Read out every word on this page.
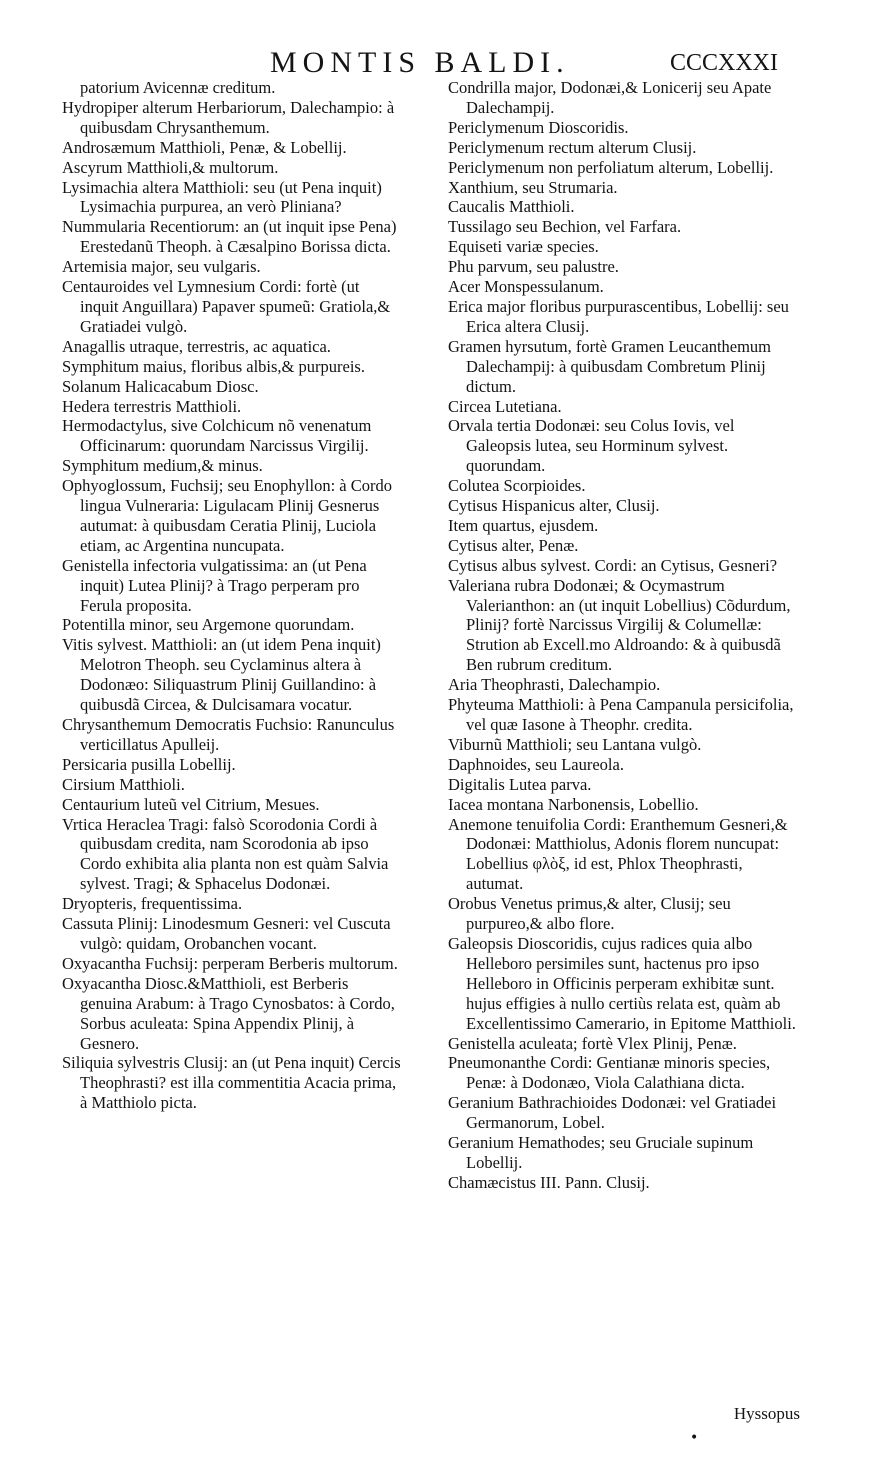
MONTIS BALDI.	CCCXXXI

patorium Avicennæ creditum.

Hydropiper alterum Herbariorum, Dalechampio: à quibusdam Chrysanthemum.

Androsæmum Matthioli, Penæ, & Lobellij.

Ascyrum Matthioli,& multorum.

Lysimachia altera Matthioli: seu (ut Pena inquit) Lysimachia purpurea, an verò Pliniana?

Nummularia Recentiorum: an (ut inquit ipse Pena) Erestedanũ Theoph. à Cæsalpino Borissa dicta.

Artemisia major, seu vulgaris.

Centauroides vel Lymnesium Cordi: fortè (ut inquit Anguillara) Papaver spumeũ: Gratiola,& Gratiadei vulgò.

Anagallis utraque, terrestris, ac aquatica.

Symphitum maius, floribus albis,& purpureis.

Solanum Halicacabum Diosc.

Hedera terrestris Matthioli.

Hermodactylus, sive Colchicum nõ venenatum Officinarum: quorundam Narcissus Virgilij.

Symphitum medium,& minus.

Ophyoglossum, Fuchsij; seu Enophyllon: à Cordo lingua Vulneraria: Ligulacam Plinij Gesnerus autumat: à quibusdam Ceratia Plinij, Luciola etiam, ac Argentina nuncupata.

Genistella infectoria vulgatissima: an (ut Pena inquit) Lutea Plinij? à Trago perperam pro Ferula proposita.

Potentilla minor, seu Argemone quorundam.

Vitis sylvest. Matthioli: an (ut idem Pena inquit) Melotron Theoph. seu Cyclaminus altera à Dodonæo: Siliquastrum Plinij Guillandino: à quibusdã Circea, & Dulcisamara vocatur.

Chrysanthemum Democratis Fuchsio: Ranunculus verticillatus Apulleij.

Persicaria pusilla Lobellij.

Cirsium Matthioli.

Centaurium luteũ vel Citrium, Mesues.

Vrtica Heraclea Tragi: falsò Scorodonia Cordi à quibusdam credita, nam Scorodonia ab ipso Cordo exhibita alia planta non est quàm Salvia sylvest. Tragi; & Sphacelus Dodonæi.

Dryopteris, frequentissima.

Cassuta Plinij: Linodesmum Gesneri: vel Cuscuta vulgò: quidam, Orobanchen vocant.

Oxyacantha Fuchsij: perperam Berberis multorum.

Oxyacantha Diosc.&Matthioli, est Berberis genuina Arabum: à Trago Cynosbatos: à Cordo, Sorbus aculeata: Spina Appendix Plinij, à Gesnero.

Siliquia sylvestris Clusij: an (ut Pena inquit) Cercis Theophrasti? est illa commentitia Acacia prima, à Matthiolo picta.

Condrilla major, Dodonæi,& Lonicerij seu Apate Dalechampij.

Periclymenum Dioscoridis.

Periclymenum rectum alterum Clusij.

Periclymenum non perfoliatum alterum, Lobellij.

Xanthium, seu Strumaria.

Caucalis Matthioli.

Tussilago seu Bechion, vel Farfara.

Equiseti variæ species.

Phu parvum, seu palustre.

Acer Monspessulanum.

Erica major floribus purpurascentibus, Lobellij: seu Erica altera Clusij.

Gramen hyrsutum, fortè Gramen Leucanthemum Dalechampij: à quibusdam Combretum Plinij dictum.

Circea Lutetiana.

Orvala tertia Dodonæi: seu Colus Iovis, vel Galeopsis lutea, seu Horminum sylvest. quorundam.

Colutea Scorpioides.

Cytisus Hispanicus alter, Clusij.

Item quartus, ejusdem.

Cytisus alter, Penæ.

Cytisus albus sylvest. Cordi: an Cytisus, Gesneri?

Valeriana rubra Dodonæi; & Ocymastrum Valerianthon: an (ut inquit Lobellius) Cõdurdum, Plinij? fortè Narcissus Virgilij & Columellæ: Strution ab Excell.mo Aldroando: & à quibusdã Ben rubrum creditum.

Aria Theophrasti, Dalechampio.

Phyteuma Matthioli: à Pena Campanula persicifolia, vel quæ Iasone à Theophr. credita.

Viburnũ Matthioli; seu Lantana vulgò.

Daphnoides, seu Laureola.

Digitalis Lutea parva.

Iacea montana Narbonensis, Lobellio.

Anemone tenuifolia Cordi: Eranthemum Gesneri,& Dodonæi: Matthiolus, Adonis florem nuncupat: Lobellius φλὸξ, id est, Phlox Theophrasti, autumat.

Orobus Venetus primus,& alter, Clusij; seu purpureo,& albo flore.

Galeopsis Dioscoridis, cujus radices quia albo Helleboro persimiles sunt, hactenus pro ipso Helleboro in Officinis perperam exhibitæ sunt. hujus effigies à nullo certiùs relata est, quàm ab Excellentissimo Camerario, in Epitome Matthioli.

Genistella aculeata; fortè Vlex Plinij, Penæ.

Pneumonanthe Cordi: Gentianæ minoris species, Penæ: à Dodonæo, Viola Calathiana dicta.

Geranium Bathrachioides Dodonæi: vel Gratiadei Germanorum, Lobel.

Geranium Hemathodes; seu Gruciale supinum Lobellij.

Chamæcistus III. Pann. Clusij.

Hyssopus
•
